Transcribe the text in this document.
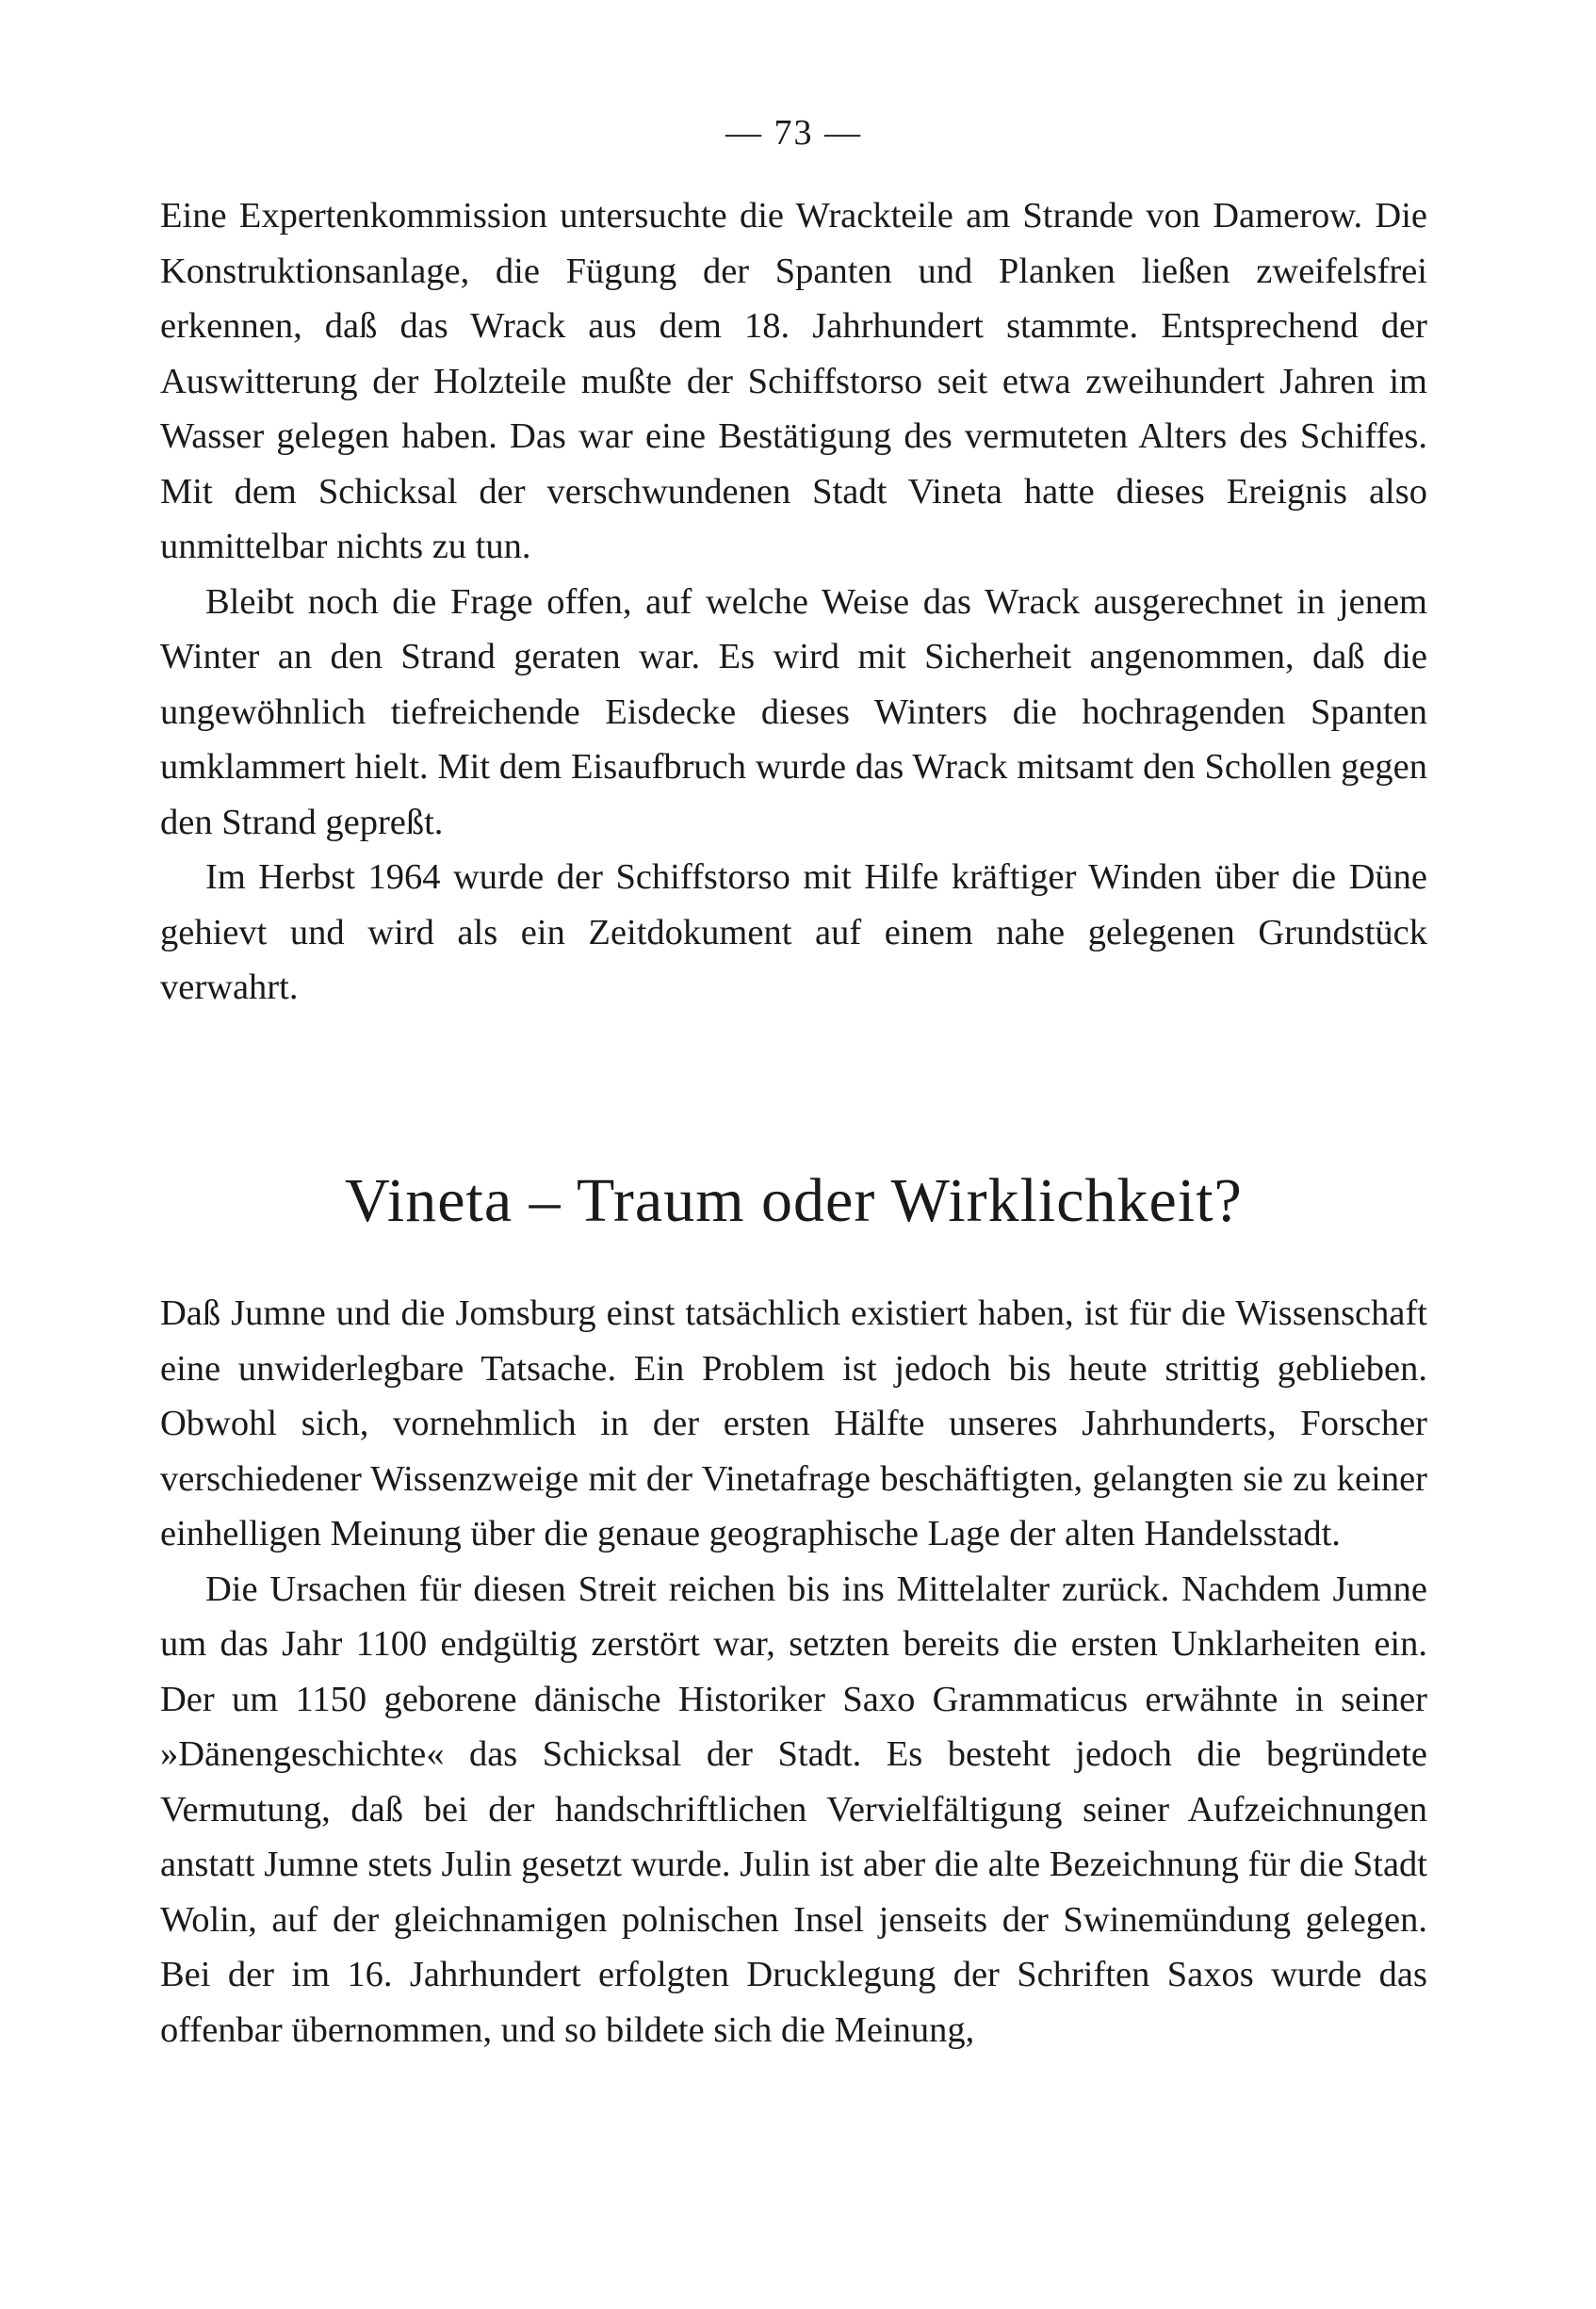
— 73 —

Eine Expertenkommission untersuchte die Wrackteile am Strande von Damerow. Die Konstruktionsanlage, die Fügung der Spanten und Planken ließen zweifelsfrei erkennen, daß das Wrack aus dem 18. Jahrhundert stammte. Entsprechend der Auswitterung der Holzteile mußte der Schiffstorso seit etwa zweihundert Jahren im Wasser gelegen haben. Das war eine Bestätigung des vermuteten Alters des Schiffes. Mit dem Schicksal der verschwundenen Stadt Vineta hatte dieses Ereignis also unmittelbar nichts zu tun.

Bleibt noch die Frage offen, auf welche Weise das Wrack ausgerechnet in jenem Winter an den Strand geraten war. Es wird mit Sicherheit angenommen, daß die ungewöhnlich tiefreichende Eisdecke dieses Winters die hochragenden Spanten umklammert hielt. Mit dem Eisaufbruch wurde das Wrack mitsamt den Schollen gegen den Strand gepreßt.

Im Herbst 1964 wurde der Schiffstorso mit Hilfe kräftiger Winden über die Düne gehievt und wird als ein Zeitdokument auf einem nahe gelegenen Grundstück verwahrt.

Vineta – Traum oder Wirklichkeit?

Daß Jumne und die Jomsburg einst tatsächlich existiert haben, ist für die Wissenschaft eine unwiderlegbare Tatsache. Ein Problem ist jedoch bis heute strittig geblieben. Obwohl sich, vornehmlich in der ersten Hälfte unseres Jahrhunderts, Forscher verschiedener Wissenzweige mit der Vinetafrage beschäftigten, gelangten sie zu keiner einhelligen Meinung über die genaue geographische Lage der alten Handelsstadt.

Die Ursachen für diesen Streit reichen bis ins Mittelalter zurück. Nachdem Jumne um das Jahr 1100 endgültig zerstört war, setzten bereits die ersten Unklarheiten ein. Der um 1150 geborene dänische Historiker Saxo Grammaticus erwähnte in seiner »Dänengeschichte« das Schicksal der Stadt. Es besteht jedoch die begründete Vermutung, daß bei der handschriftlichen Vervielfältigung seiner Aufzeichnungen anstatt Jumne stets Julin gesetzt wurde. Julin ist aber die alte Bezeichnung für die Stadt Wolin, auf der gleichnamigen polnischen Insel jenseits der Swinemündung gelegen. Bei der im 16. Jahrhundert erfolgten Drucklegung der Schriften Saxos wurde das offenbar übernommen, und so bildete sich die Meinung,
